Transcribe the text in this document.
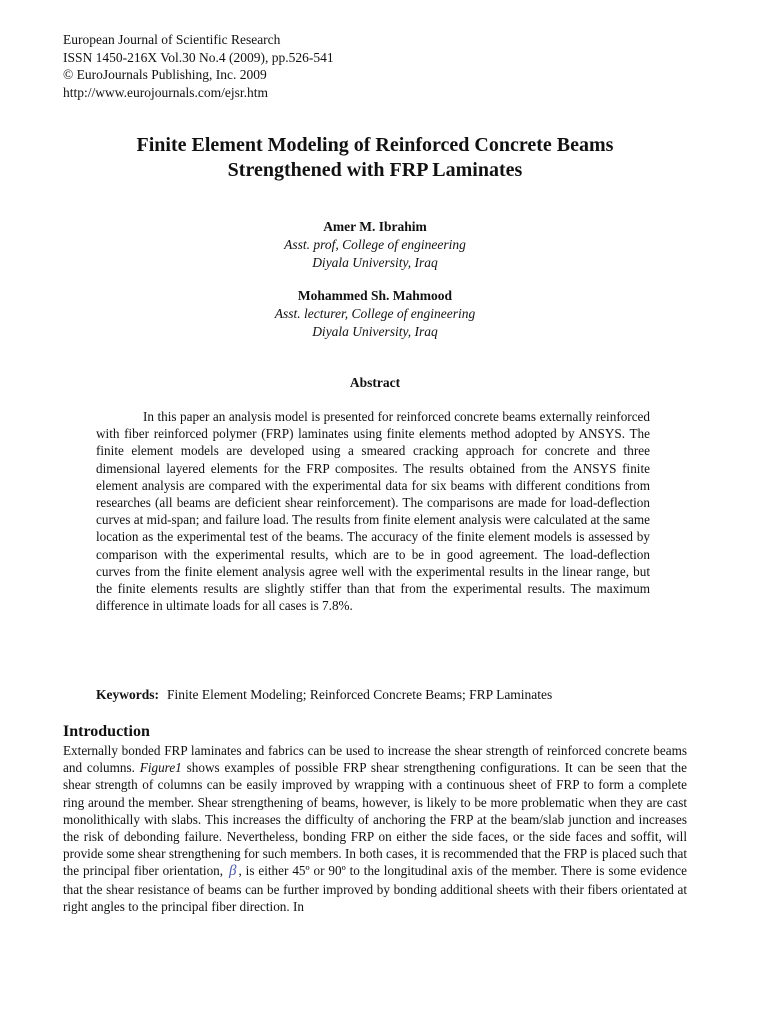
European Journal of Scientific Research
ISSN 1450-216X Vol.30 No.4 (2009), pp.526-541
© EuroJournals Publishing, Inc. 2009
http://www.eurojournals.com/ejsr.htm
Finite Element Modeling of Reinforced Concrete Beams
Strengthened with FRP Laminates
Amer M. Ibrahim
Asst. prof, College of engineering
Diyala University, Iraq
Mohammed Sh. Mahmood
Asst. lecturer, College of engineering
Diyala University, Iraq
Abstract

In this paper an analysis model is presented for reinforced concrete beams externally reinforced with fiber reinforced polymer (FRP) laminates using finite elements method adopted by ANSYS. The finite element models are developed using a smeared cracking approach for concrete and three dimensional layered elements for the FRP composites. The results obtained from the ANSYS finite element analysis are compared with the experimental data for six beams with different conditions from researches (all beams are deficient shear reinforcement). The comparisons are made for load-deflection curves at mid-span; and failure load. The results from finite element analysis were calculated at the same location as the experimental test of the beams. The accuracy of the finite element models is assessed by comparison with the experimental results, which are to be in good agreement. The load-deflection curves from the finite element analysis agree well with the experimental results in the linear range, but the finite elements results are slightly stiffer than that from the experimental results. The maximum difference in ultimate loads for all cases is 7.8%.

Keywords: Finite Element Modeling; Reinforced Concrete Beams; FRP Laminates
Introduction

Externally bonded FRP laminates and fabrics can be used to increase the shear strength of reinforced concrete beams and columns. Figure1 shows examples of possible FRP shear strengthening configurations. It can be seen that the shear strength of columns can be easily improved by wrapping with a continuous sheet of FRP to form a complete ring around the member. Shear strengthening of beams, however, is likely to be more problematic when they are cast monolithically with slabs. This increases the difficulty of anchoring the FRP at the beam/slab junction and increases the risk of debonding failure. Nevertheless, bonding FRP on either the side faces, or the side faces and soffit, will provide some shear strengthening for such members. In both cases, it is recommended that the FRP is placed such that the principal fiber orientation, β , is either 45º or 90º to the longitudinal axis of the member. There is some evidence that the shear resistance of beams can be further improved by bonding additional sheets with their fibers orientated at right angles to the principal fiber direction. In
